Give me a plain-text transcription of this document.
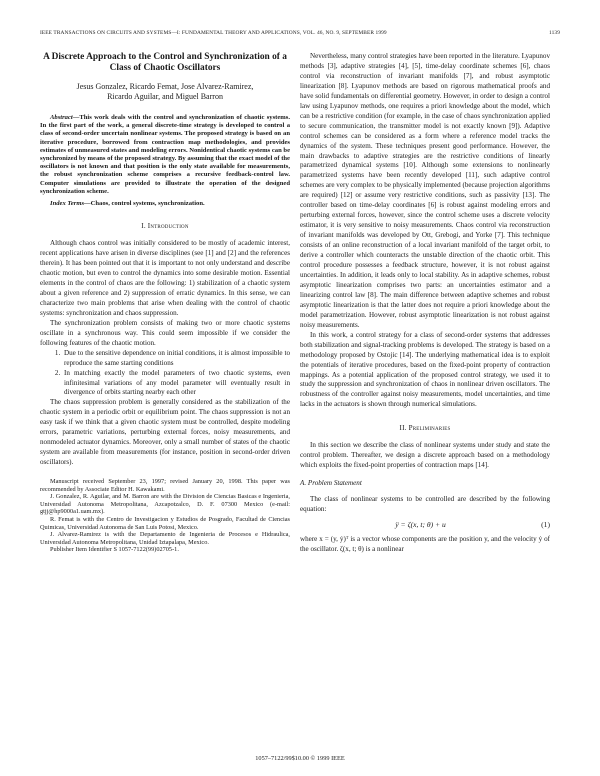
IEEE TRANSACTIONS ON CIRCUITS AND SYSTEMS—I: FUNDAMENTAL THEORY AND APPLICATIONS, VOL. 46, NO. 9, SEPTEMBER 1999	1139
A Discrete Approach to the Control and Synchronization of a Class of Chaotic Oscillators
Jesus Gonzalez, Ricardo Femat, Jose Alvarez-Ramirez,
Ricardo Aguilar, and Miguel Barron

Abstract—This work deals with the control and synchronization of chaotic systems. In the first part of the work, a general discrete-time strategy is developed to control a class of second-order uncertain nonlinear systems. The proposed strategy is based on an iterative procedure, borrowed from contraction map methodologies, and provides estimates of unmeasured states and modeling errors. Nonidentical chaotic systems can be synchronized by means of the proposed strategy. By assuming that the exact model of the oscillators is not known and that position is the only state available for measurements, the robust synchronization scheme comprises a recursive feedback-control law. Computer simulations are provided to illustrate the operation of the designed synchronization scheme.

Index Terms—Chaos, control systems, synchronization.

I. Introduction

Although chaos control was initially considered to be mostly of academic interest, recent applications have arisen in diverse disciplines (see [1] and [2] and the references therein). It has been pointed out that it is important to not only understand and describe chaotic motion, but even to control the dynamics into some desirable motion. Essential elements in the control of chaos are the following: 1) stabilization of a chaotic system about a given reference and 2) suppression of erratic dynamics. In this sense, we can characterize two main problems that arise when dealing with the control of chaotic systems: synchronization and chaos suppression.

The synchronization problem consists of making two or more chaotic systems oscillate in a synchronous way. This could seem impossible if we consider the following features of the chaotic motion.

1. Due to the sensitive dependence on initial conditions, it is almost impossible to reproduce the same starting conditions
2. In matching exactly the model parameters of two chaotic systems, even infinitesimal variations of any model parameter will eventually result in divergence of orbits starting nearby each other

The chaos suppression problem is generally considered as the stabilization of the chaotic system in a periodic orbit or equilibrium point. The chaos suppression is not an easy task if we think that a given chaotic system must be controlled, despite modeling errors, parametric variations, perturbing external forces, noisy measurements, and nonmodeled actuator dynamics. Moreover, only a small number of states of the chaotic system are available from measurements (for instance, position in second-order driven oscillators).

Manuscript received September 23, 1997; revised January 20, 1998. This paper was recommended by Associate Editor H. Kawakami.

J. Gonzalez, R. Aguilar, and M. Barron are with the Division de Ciencias Basicas e Ingenieria, Universidad Autonoma Metropolitana, Azcapotzalco, D. F. 07300 Mexico (e-mail: gtjj@hp9000a1.uam.mx).

R. Femat is with the Centro de Investigacion y Estudios de Posgrado, Facultad de Ciencias Quimicas, Universidad Autonoma de San Luis Potosi, Mexico.

J. Alvarez-Ramirez is with the Departamento de Ingenieria de Procesos e Hidraulica, Universidad Autonoma Metropolitana, Unidad Iztapalapa, Mexico.

Publisher Item Identifier S 1057-7122(99)02705-1.

Nevertheless, many control strategies have been reported in the literature. Lyapunov methods [3], adaptive strategies [4], [5], time-delay coordinate schemes [6], chaos control via reconstruction of invariant manifolds [7], and robust asymptotic linearization [8]. Lyapunov methods are based on rigorous mathematical proofs and have solid fundamentals on differential geometry. However, in order to design a control law using Lyapunov methods, one requires a priori knowledge about the model, which can be a restrictive condition (for example, in the case of chaos synchronization applied to secure communication, the transmitter model is not exactly known [9]). Adaptive control schemes can be considered as a form where a reference model tracks the dynamics of the system. These techniques present good performance. However, the main drawbacks to adaptive strategies are the restrictive conditions of linearly parametrized dynamical systems [10]. Although some extensions to nonlinearly parametrized systems have been recently developed [11], such adaptive control schemes are very complex to be physically implemented (because projection algorithms are required) [12] or assume very restrictive conditions, such as passivity [13]. The controller based on time-delay coordinates [6] is robust against modeling errors and perturbing external forces, however, since the control scheme uses a discrete velocity estimator, it is very sensitive to noisy measurements. Chaos control via reconstruction of invariant manifolds was developed by Ott, Grebogi, and Yorke [7]. This technique consists of an online reconstruction of a local invariant manifold of the target orbit, to derive a controller which counteracts the unstable direction of the chaotic orbit. This control procedure possesses a feedback structure, however, it is not robust against uncertainties. In addition, it leads only to local stability. As in adaptive schemes, robust asymptotic linearization comprises two parts: an uncertainties estimator and a linearizing control law [8]. The main difference between adaptive schemes and robust asymptotic linearization is that the latter does not require a priori knowledge about the model parametrization. However, robust asymptotic linearization is not robust against noisy measurements.

In this work, a control strategy for a class of second-order systems that addresses both stabilization and signal-tracking problems is developed. The strategy is based on a methodology proposed by Ostojic [14]. The underlying mathematical idea is to exploit the potentials of iterative procedures, based on the fixed-point property of contraction mappings. As a potential application of the proposed control strategy, we used it to study the suppression and synchronization of chaos in nonlinear driven oscillators. The robustness of the controller against noisy measurements, model uncertainties, and time lacks in the actuators is shown through numerical simulations.

II. Preliminaries

In this section we describe the class of nonlinear systems under study and state the control problem. Thereafter, we design a discrete approach based on a methodology which exploits the fixed-point properties of contraction maps [14].

A. Problem Statement

The class of nonlinear systems to be controlled are described by the following equation:

ÿ = ζ(x, t; θ) + u	(1)

where x = (y, ẏ)ᵀ is a vector whose components are the position y, and the velocity ẏ of the oscillator. ζ(x, t; θ) is a nonlinear

1057–7122/99$10.00 © 1999 IEEE
